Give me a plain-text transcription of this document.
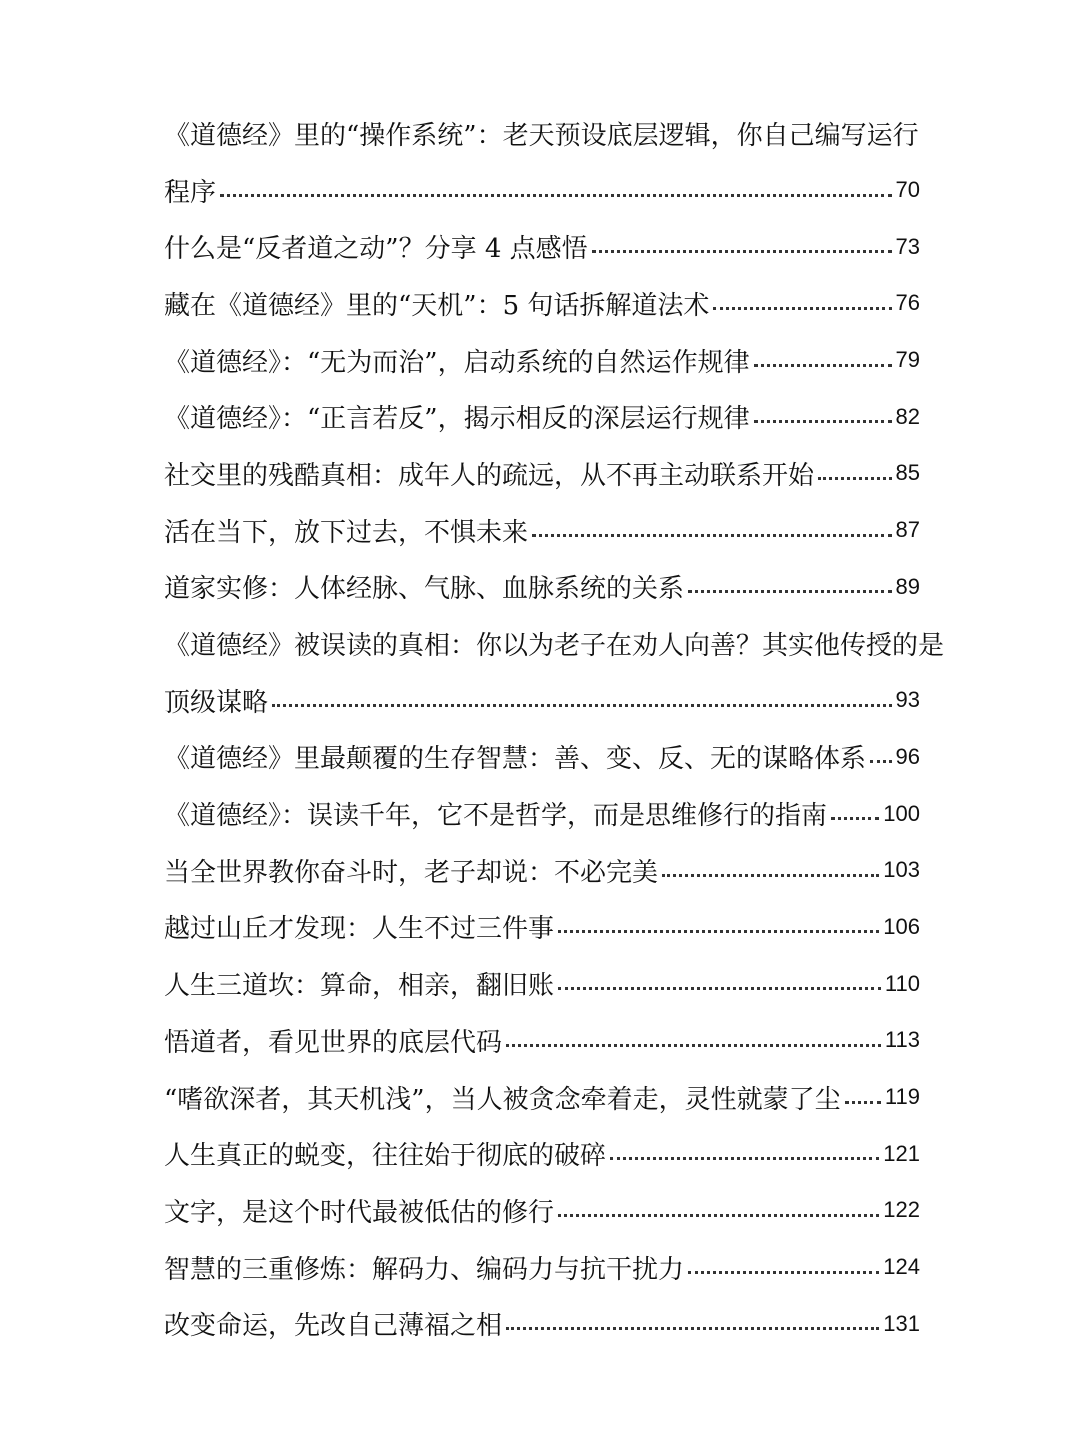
《道德经》里的“操作系统”：老天预设底层逻辑，你自己编写运行
程序	70
什么是“反者道之动”？分享 4 点感悟	73
藏在《道德经》里的“天机”：5 句话拆解道法术	76
《道德经》：“无为而治”，启动系统的自然运作规律	79
《道德经》：“正言若反”，揭示相反的深层运行规律	82
社交里的残酷真相：成年人的疏远，从不再主动联系开始	85
活在当下，放下过去，不惧未来	87
道家实修：人体经脉、气脉、血脉系统的关系	89
《道德经》被误读的真相：你以为老子在劝人向善？其实他传授的是
顶级谋略	93
《道德经》里最颠覆的生存智慧：善、变、反、无的谋略体系 96
《道德经》：误读千年，它不是哲学，而是思维修行的指南	100
当全世界教你奋斗时，老子却说：不必完美	103
越过山丘才发现：人生不过三件事	106
人生三道坎：算命，相亲，翻旧账	110
悟道者，看见世界的底层代码	113
“嗜欲深者，其天机浅”，当人被贪念牵着走，灵性就蒙了尘 119
人生真正的蜕变，往往始于彻底的破碎	121
文字，是这个时代最被低估的修行	122
智慧的三重修炼：解码力、编码力与抗干扰力	124
改变命运，先改自己薄福之相	131
